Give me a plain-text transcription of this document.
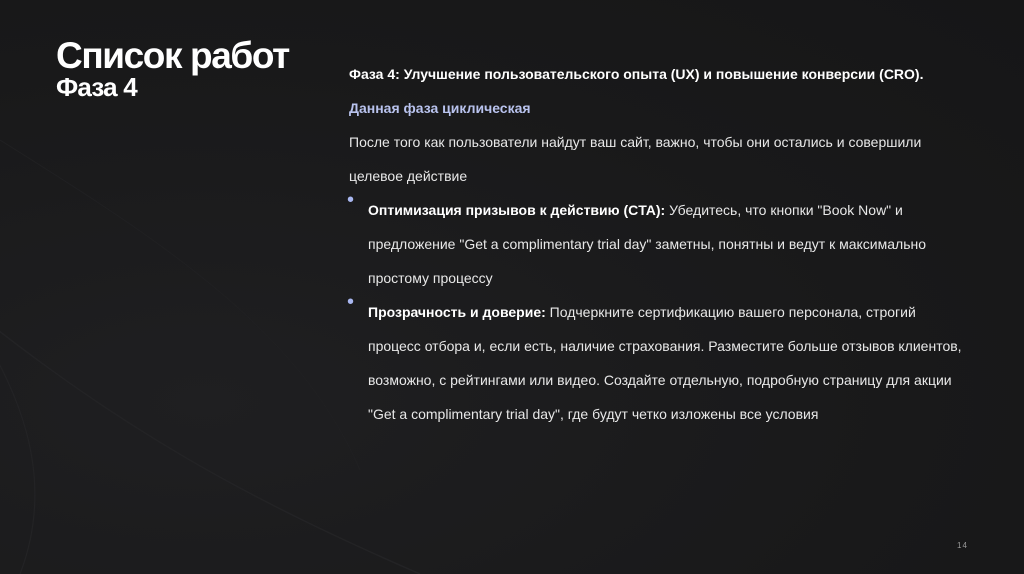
Список работ
Фаза 4	Фаза 4: Улучшение пользовательского опыта (UX) и повышение конверсии (CRO). Данная фаза циклическая

После того как пользователи найдут ваш сайт, важно, чтобы они остались и совершили целевое действие

• Оптимизация призывов к действию (CTA): Убедитесь, что кнопки "Book Now" и предложение "Get a complimentary trial day" заметны, понятны и ведут к максимально простому процессу
• Прозрачность и доверие: Подчеркните сертификацию вашего персонала, строгий процесс отбора и, если есть, наличие страхования. Разместите больше отзывов клиентов, возможно, с рейтингами или видео. Создайте отдельную, подробную страницу для акции "Get a complimentary trial day", где будут четко изложены все условия
14
